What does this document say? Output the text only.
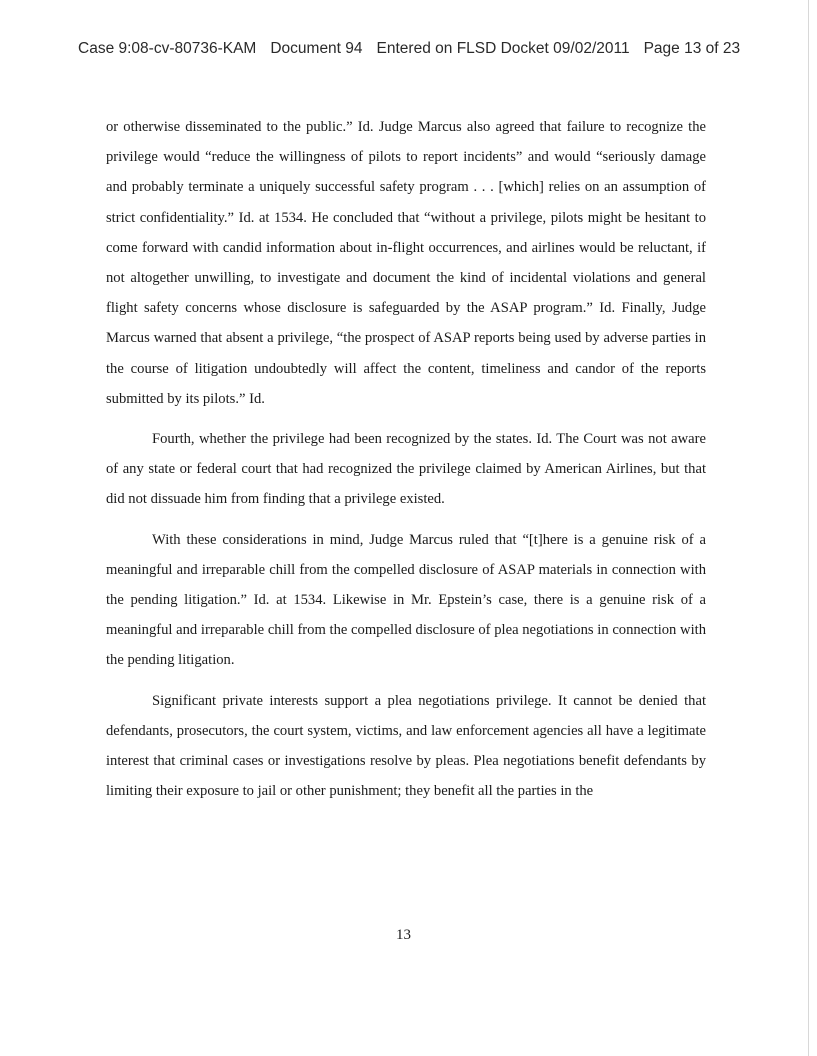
Case 9:08-cv-80736-KAM Document 94 Entered on FLSD Docket 09/02/2011 Page 13 of 23

or otherwise disseminated to the public.” Id. Judge Marcus also agreed that failure to recognize the privilege would “reduce the willingness of pilots to report incidents” and would “seriously damage and probably terminate a uniquely successful safety program . . . [which] relies on an assumption of strict confidentiality.” Id. at 1534. He concluded that “without a privilege, pilots might be hesitant to come forward with candid information about in-flight occurrences, and airlines would be reluctant, if not altogether unwilling, to investigate and document the kind of incidental violations and general flight safety concerns whose disclosure is safeguarded by the ASAP program.” Id. Finally, Judge Marcus warned that absent a privilege, “the prospect of ASAP reports being used by adverse parties in the course of litigation undoubtedly will affect the content, timeliness and candor of the reports submitted by its pilots.” Id.

Fourth, whether the privilege had been recognized by the states. Id. The Court was not aware of any state or federal court that had recognized the privilege claimed by American Airlines, but that did not dissuade him from finding that a privilege existed.

With these considerations in mind, Judge Marcus ruled that “[t]here is a genuine risk of a meaningful and irreparable chill from the compelled disclosure of ASAP materials in connection with the pending litigation.” Id. at 1534. Likewise in Mr. Epstein’s case, there is a genuine risk of a meaningful and irreparable chill from the compelled disclosure of plea negotiations in connection with the pending litigation.

Significant private interests support a plea negotiations privilege. It cannot be denied that defendants, prosecutors, the court system, victims, and law enforcement agencies all have a legitimate interest that criminal cases or investigations resolve by pleas. Plea negotiations benefit defendants by limiting their exposure to jail or other punishment; they benefit all the parties in the

13
